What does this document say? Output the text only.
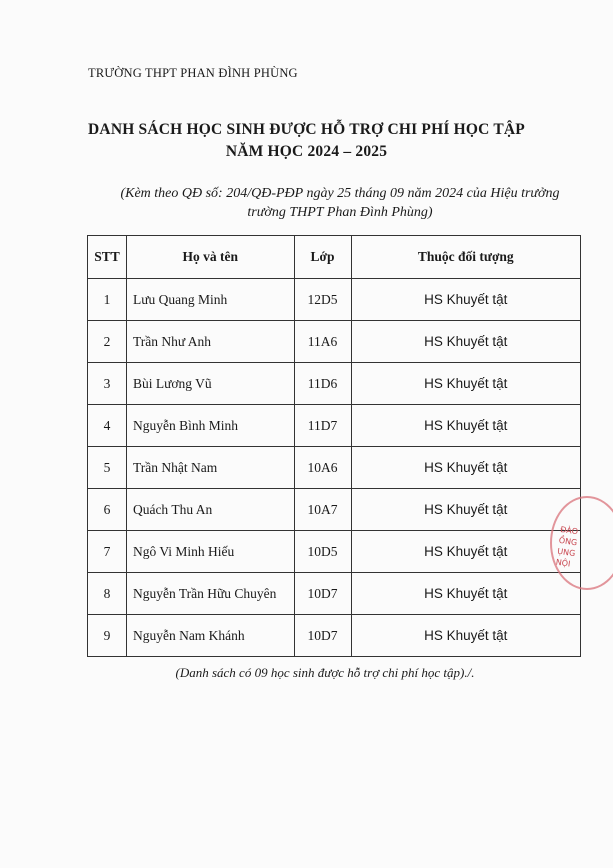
TRƯỜNG THPT PHAN ĐÌNH PHÙNG
DANH SÁCH HỌC SINH ĐƯỢC HỖ TRỢ CHI PHÍ HỌC TẬP
NĂM HỌC 2024 – 2025
(Kèm theo QĐ số: 204/QĐ-PĐP ngày 25 tháng 09 năm 2024 của Hiệu trưởng
trường THPT Phan Đình Phùng)
STT	Họ và tên	Lớp	Thuộc đối tượng
1	Lưu Quang Minh	12D5	HS Khuyết tật
2	Trần Như Anh	11A6	HS Khuyết tật
3	Bùi Lương Vũ	11D6	HS Khuyết tật
4	Nguyễn Bình Minh	11D7	HS Khuyết tật
5	Trần Nhật Nam	10A6	HS Khuyết tật
6	Quách Thu An	10A7	HS Khuyết tật
7	Ngô Vi Minh Hiếu	10D5	HS Khuyết tật
8	Nguyễn Trần Hữu Chuyên	10D7	HS Khuyết tật
9	Nguyễn Nam Khánh	10D7	HS Khuyết tật
(Danh sách có 09 học sinh được hỗ trợ chi phí học tập)./.
ĐÀO
ỒNG
ỤNG
NỘI
